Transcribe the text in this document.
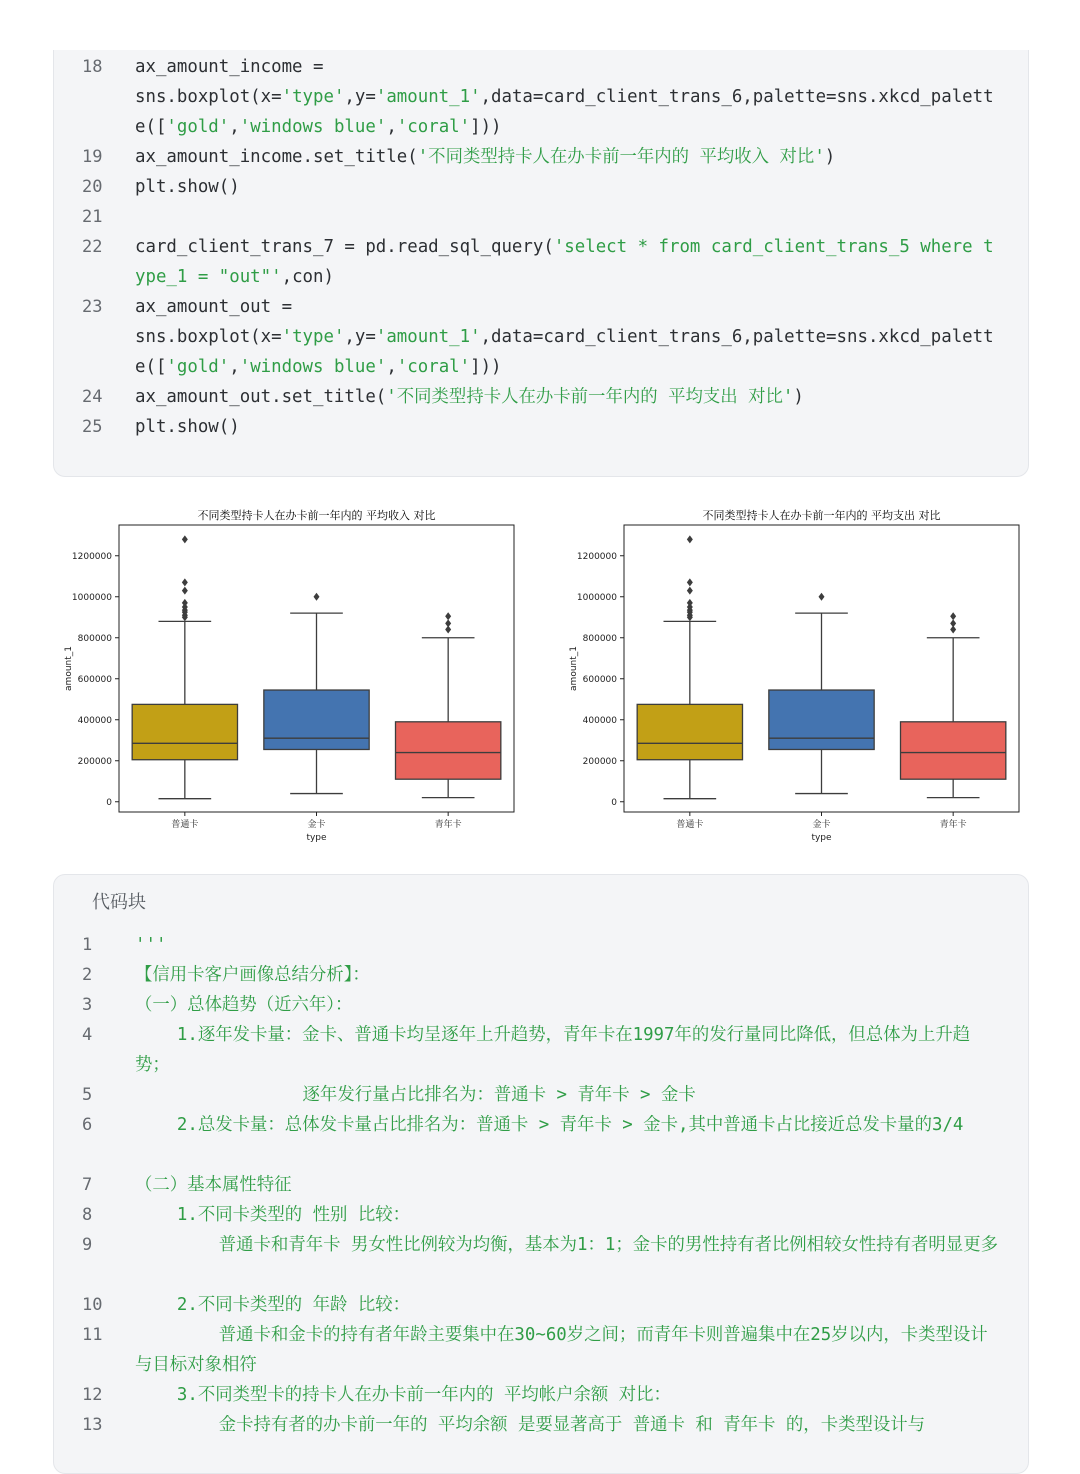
18	ax_amount_income =
sns.boxplot(x='type',y='amount_1',data=card_client_trans_6,palette=sns.xkcd_palette(['gold','windows blue','coral']))
19	ax_amount_income.set_title('不同类型持卡人在办卡前一年内的 平均收入 对比')
20	plt.show()
21
22	card_client_trans_7 = pd.read_sql_query('select * from card_client_trans_5 where type_1 = "out"',con)
23	ax_amount_out =
sns.boxplot(x='type',y='amount_1',data=card_client_trans_6,palette=sns.xkcd_palette(['gold','windows blue','coral']))
24	ax_amount_out.set_title('不同类型持卡人在办卡前一年内的 平均支出 对比')
25	plt.show()
不同类型持卡人在办卡前一年内的 平均收入 对比
0
200000
400000
600000
800000
1000000
1200000
amount_1
普通卡	金卡	青年卡
type
不同类型持卡人在办卡前一年内的 平均支出 对比
0
200000
400000
600000
800000
1000000
1200000
amount_1
普通卡	金卡	青年卡
type
代码块
1	'''
2	【信用卡客户画像总结分析】：
3	（一）总体趋势（近六年）：
4	1.逐年发卡量：金卡、普通卡均呈逐年上升趋势，青年卡在1997年的发行量同比降低，但总体为上升趋势；
5	逐年发行量占比排名为：普通卡 > 青年卡 > 金卡
6	2.总发卡量：总体发卡量占比排名为：普通卡 > 青年卡 > 金卡,其中普通卡占比接近总发卡量的3/4
7	（二）基本属性特征
8	1.不同卡类型的 性别 比较：
9	普通卡和青年卡 男女性比例较为均衡，基本为1：1；金卡的男性持有者比例相较女性持有者明显更多
10	2.不同卡类型的 年龄 比较：
11	普通卡和金卡的持有者年龄主要集中在30~60岁之间；而青年卡则普遍集中在25岁以内，卡类型设计与目标对象相符
12	3.不同类型卡的持卡人在办卡前一年内的 平均帐户余额 对比：
13	金卡持有者的办卡前一年的 平均余额 是要显著高于 普通卡 和 青年卡 的，卡类型设计与
